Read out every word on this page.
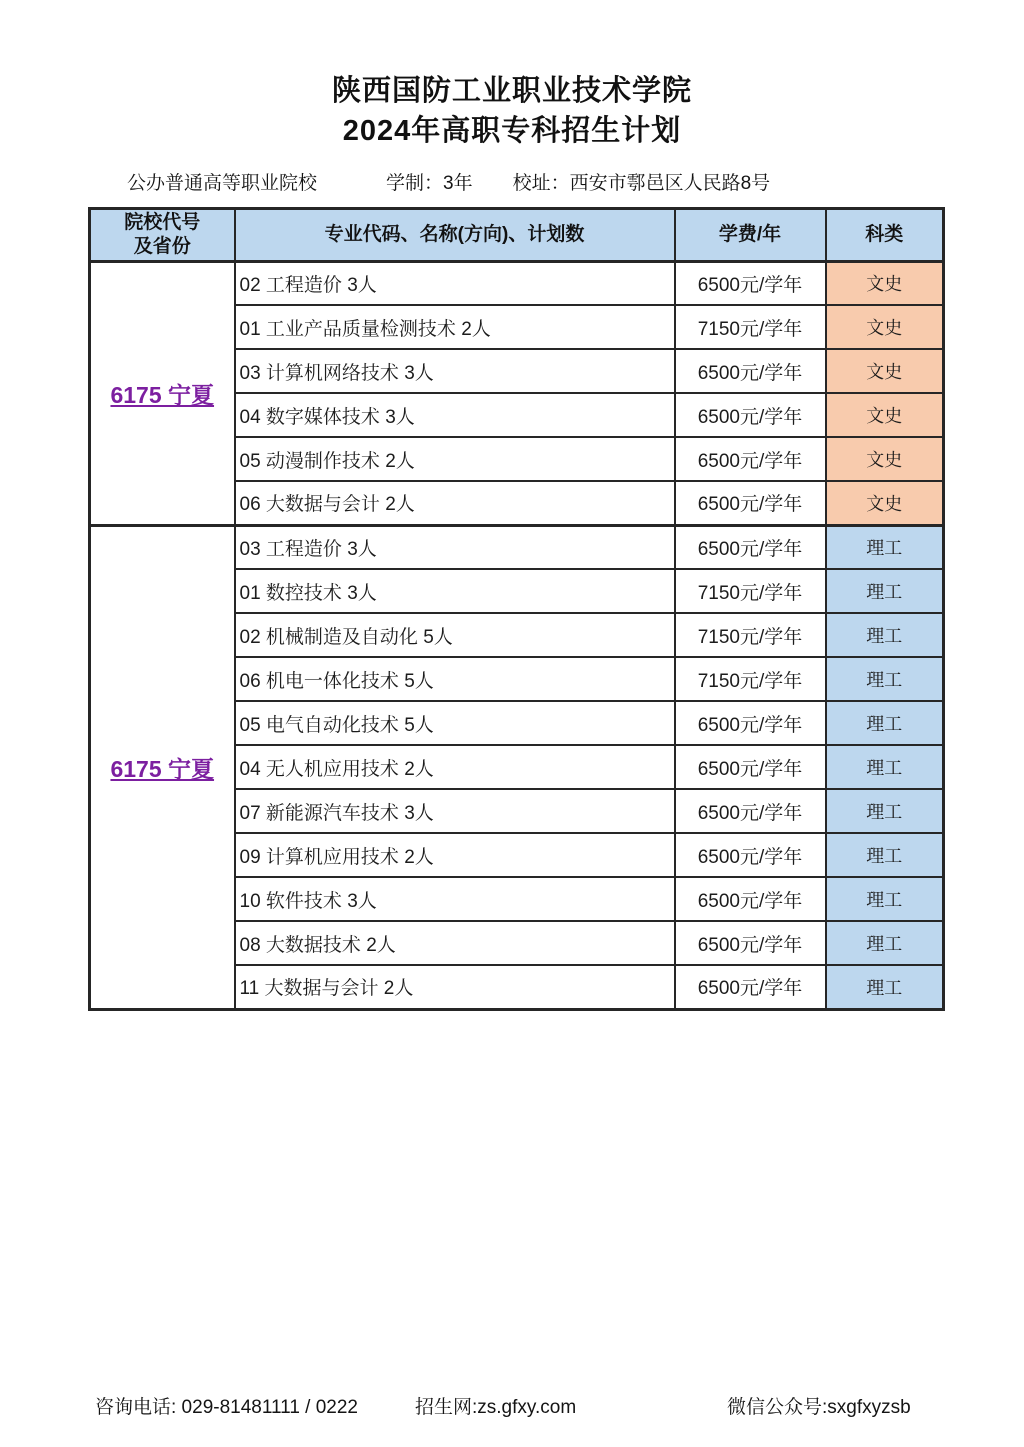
陕西国防工业职业技术学院
2024年高职专科招生计划
公办普通高等职业院校	学制：3年 校址：西安市鄠邑区人民路8号
院校代号
及省份	专业代码、名称(方向)、计划数	学费/年	科类
6175 宁夏	02 工程造价 3人	6500元/学年	文史
	01 工业产品质量检测技术 2人	7150元/学年	文史
	03 计算机网络技术 3人	6500元/学年	文史
	04 数字媒体技术 3人	6500元/学年	文史
	05 动漫制作技术 2人	6500元/学年	文史
	06 大数据与会计 2人	6500元/学年	文史
6175 宁夏	03 工程造价 3人	6500元/学年	理工
	01 数控技术 3人	7150元/学年	理工
	02 机械制造及自动化 5人	7150元/学年	理工
	06 机电一体化技术 5人	7150元/学年	理工
	05 电气自动化技术 5人	6500元/学年	理工
	04 无人机应用技术 2人	6500元/学年	理工
	07 新能源汽车技术 3人	6500元/学年	理工
	09 计算机应用技术 2人	6500元/学年	理工
	10 软件技术 3人	6500元/学年	理工
	08 大数据技术 2人	6500元/学年	理工
	11 大数据与会计 2人	6500元/学年	理工
咨询电话: 029-81481111 / 0222	招生网:zs.gfxy.com	微信公众号:sxgfxyzsb
